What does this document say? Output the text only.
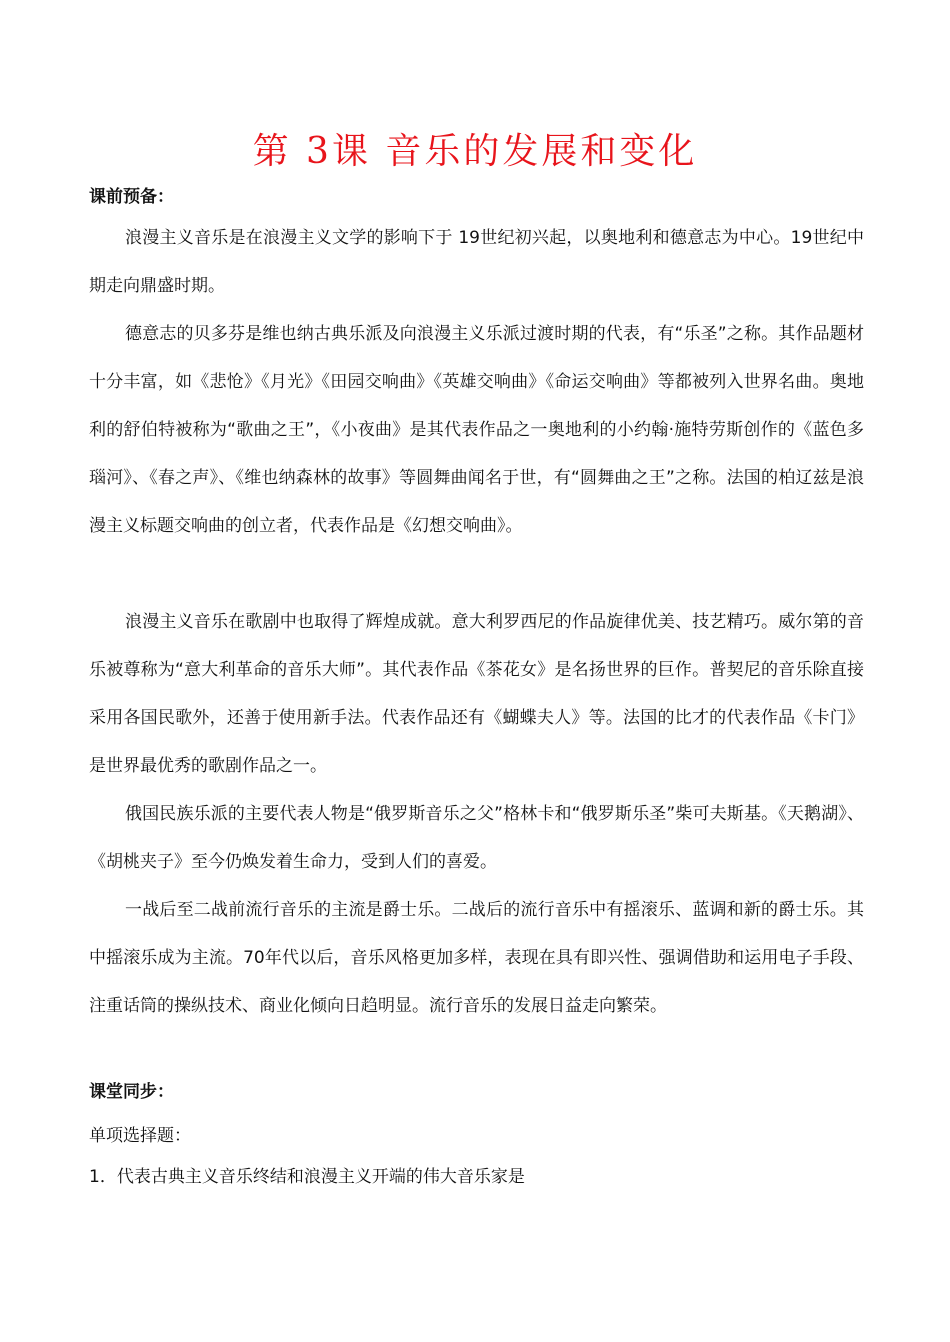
第 3课 音乐的发展和变化

课前预备：

浪漫主义音乐是在浪漫主义文学的影响下于 19世纪初兴起，以奥地利和德意志为中心。19世纪中期走向鼎盛时期。

德意志的贝多芬是维也纳古典乐派及向浪漫主义乐派过渡时期的代表，有“乐圣”之称。其作品题材十分丰富，如《悲怆》《月光》《田园交响曲》《英雄交响曲》《命运交响曲》等都被列入世界名曲。奥地利的舒伯特被称为“歌曲之王”，《小夜曲》是其代表作品之一奥地利的小约翰·施特劳斯创作的《蓝色多瑙河》、《春之声》、《维也纳森林的故事》等圆舞曲闻名于世，有“圆舞曲之王”之称。法国的柏辽兹是浪漫主义标题交响曲的创立者，代表作品是《幻想交响曲》。

浪漫主义音乐在歌剧中也取得了辉煌成就。意大利罗西尼的作品旋律优美、技艺精巧。威尔第的音乐被尊称为“意大利革命的音乐大师”。其代表作品《茶花女》是名扬世界的巨作。普契尼的音乐除直接采用各国民歌外，还善于使用新手法。代表作品还有《蝴蝶夫人》等。法国的比才的代表作品《卡门》是世界最优秀的歌剧作品之一。

俄国民族乐派的主要代表人物是“俄罗斯音乐之父”格林卡和“俄罗斯乐圣”柴可夫斯基。《天鹅湖》、《胡桃夹子》至今仍焕发着生命力，受到人们的喜爱。

一战后至二战前流行音乐的主流是爵士乐。二战后的流行音乐中有摇滚乐、蓝调和新的爵士乐。其中摇滚乐成为主流。70年代以后，音乐风格更加多样，表现在具有即兴性、强调借助和运用电子手段、注重话筒的操纵技术、商业化倾向日趋明显。流行音乐的发展日益走向繁荣。

课堂同步：

单项选择题：

1．代表古典主义音乐终结和浪漫主义开端的伟大音乐家是
